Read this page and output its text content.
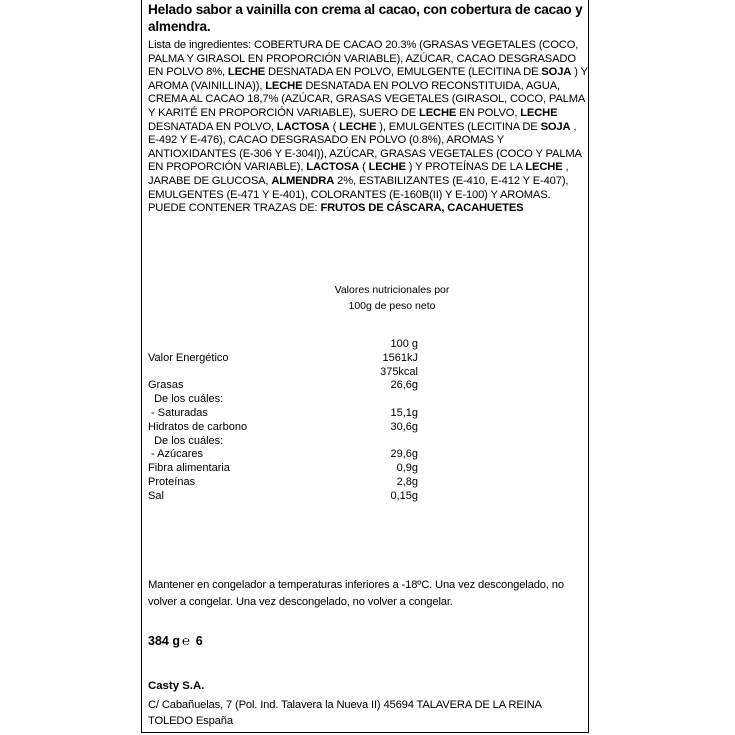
Helado sabor a vainilla con crema al cacao, con cobertura de cacao y almendra.
Lista de ingredientes: COBERTURA DE CACAO 20.3% (GRASAS VEGETALES (COCO, PALMA Y GIRASOL EN PROPORCIÓN VARIABLE), AZÚCAR, CACAO DESGRASADO EN POLVO 8%, LECHE DESNATADA EN POLVO, EMULGENTE (LECITINA DE SOJA ) Y AROMA (VAINILLINA)), LECHE DESNATADA EN POLVO RECONSTITUIDA, AGUA, CREMA AL CACAO 18,7% (AZÚCAR, GRASAS VEGETALES (GIRASOL, COCO, PALMA Y KARITÉ EN PROPORCIÓN VARIABLE), SUERO DE LECHE EN POLVO, LECHE DESNATADA EN POLVO, LACTOSA ( LECHE ), EMULGENTES (LECITINA DE SOJA , E-492 Y E-476), CACAO DESGRASADO EN POLVO (0.8%), AROMAS Y ANTIOXIDANTES (E-306 Y E-304I)), AZÚCAR, GRASAS VEGETALES (COCO Y PALMA EN PROPORCIÓN VARIABLE), LACTOSA ( LECHE ) Y PROTEÍNAS DE LA LECHE , JARABE DE GLUCOSA, ALMENDRA 2%, ESTABILIZANTES (E-410, E-412 Y E-407), EMULGENTES (E-471 Y E-401), COLORANTES (E-160B(II) Y E-100) Y AROMAS. PUEDE CONTENER TRAZAS DE: FRUTOS DE CÁSCARA, CACAHUETES
Valores nutricionales por
100g de peso neto
100 g
Valor Energético	1561kJ
375kcal
Grasas	26,6g
De los cuáles:
- Saturadas	15,1g
Hidratos de carbono	30,6g
De los cuáles:
- Azúcares	29,6g
Fibra alimentaria	0,9g
Proteínas	2,8g
Sal	0,15g
Mantener en congelador a temperaturas inferiores a -18ºC. Una vez descongelado, no volver a congelar. Una vez descongelado, no volver a congelar.
384 g ℮ 6
Casty S.A.
C/ Cabañuelas, 7 (Pol. Ind. Talavera la Nueva II) 45694 TALAVERA DE LA REINA TOLEDO España
